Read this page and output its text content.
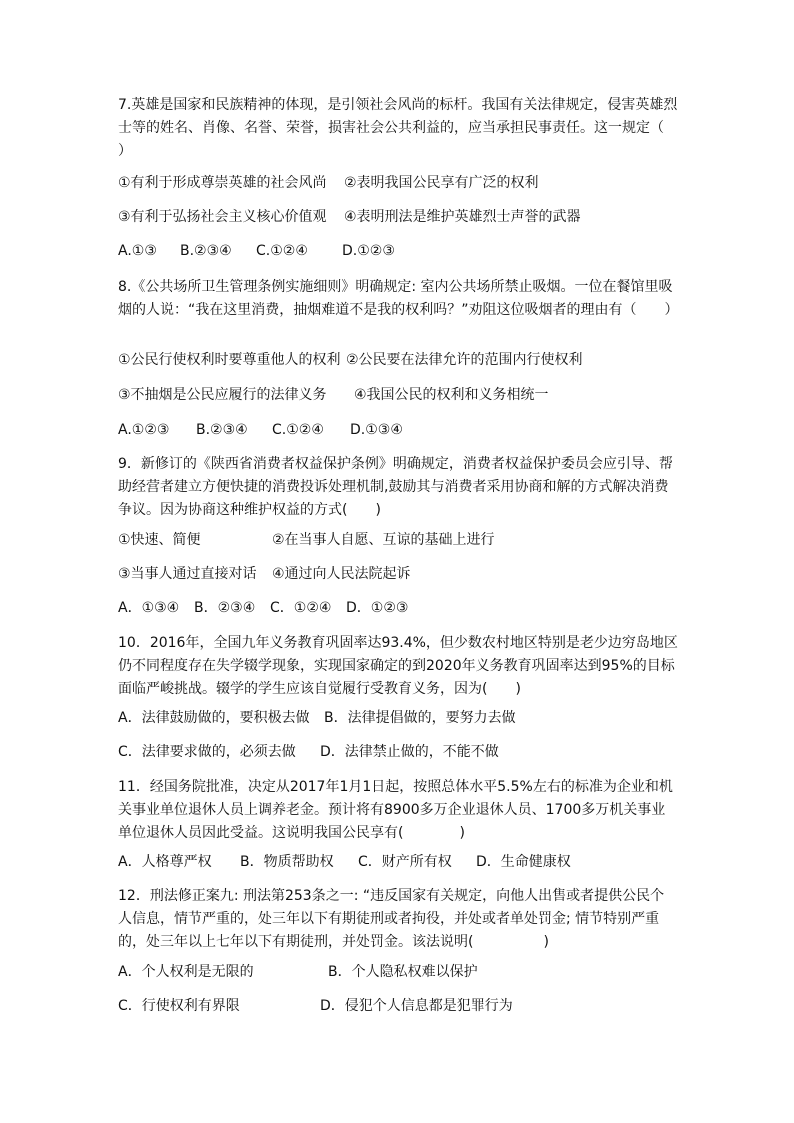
7.英雄是国家和民族精神的体现，是引领社会风尚的标杆。我国有关法律规定，侵害英雄烈士等的姓名、肖像、名誉、荣誉，损害社会公共利益的，应当承担民事责任。这一规定（　　）

①有利于形成尊崇英雄的社会风尚 ②表明我国公民享有广泛的权利
③有利于弘扬社会主义核心价值观 ④表明刑法是维护英雄烈士声誉的武器
A.①③ B.②③④ C.①②④ D.①②③

8.《公共场所卫生管理条例实施细则》明确规定: 室内公共场所禁止吸烟。一位在餐馆里吸烟的人说：“我在这里消费，抽烟难道不是我的权利吗？”劝阻这位吸烟者的理由有（　　）

①公民行使权利时要尊重他人的权利 ②公民要在法律允许的范围内行使权利
③不抽烟是公民应履行的法律义务 ④我国公民的权利和义务相统一
A.①②③ B.②③④ C.①②④ D.①③④

9．新修订的《陕西省消费者权益保护条例》明确规定，消费者权益保护委员会应引导、帮助经营者建立方便快捷的消费投诉处理机制,鼓励其与消费者采用协商和解的方式解决消费争议。因为协商这种维护权益的方式(　　)

①快速、简便	②在当事人自愿、互谅的基础上进行
③当事人通过直接对话 ④通过向人民法院起诉
A．①③④ B．②③④ C．①②④ D．①②③

10．2016年，全国九年义务教育巩固率达93.4%，但少数农村地区特别是老少边穷岛地区仍不同程度存在失学辍学现象，实现国家确定的到2020年义务教育巩固率达到95%的目标面临严峻挑战。辍学的学生应该自觉履行受教育义务，因为(　　)

A．法律鼓励做的，要积极去做 B．法律提倡做的，要努力去做
C．法律要求做的，必须去做 D．法律禁止做的，不能不做

11．经国务院批准，决定从2017年1月1日起，按照总体水平5.5%左右的标准为企业和机关事业单位退休人员上调养老金。预计将有8900多万企业退休人员、1700多万机关事业单位退休人员因此受益。这说明我国公民享有(　　　　)

A．人格尊严权 B．物质帮助权 C．财产所有权 D．生命健康权

12．刑法修正案九: 刑法第253条之一: “违反国家有关规定，向他人出售或者提供公民个人信息，情节严重的，处三年以下有期徒刑或者拘役，并处或者单处罚金; 情节特别严重的，处三年以上七年以下有期徒刑，并处罚金。该法说明(　　　　　)

A．个人权利是无限的	B．个人隐私权难以保护
C．行使权利有界限	D．侵犯个人信息都是犯罪行为
